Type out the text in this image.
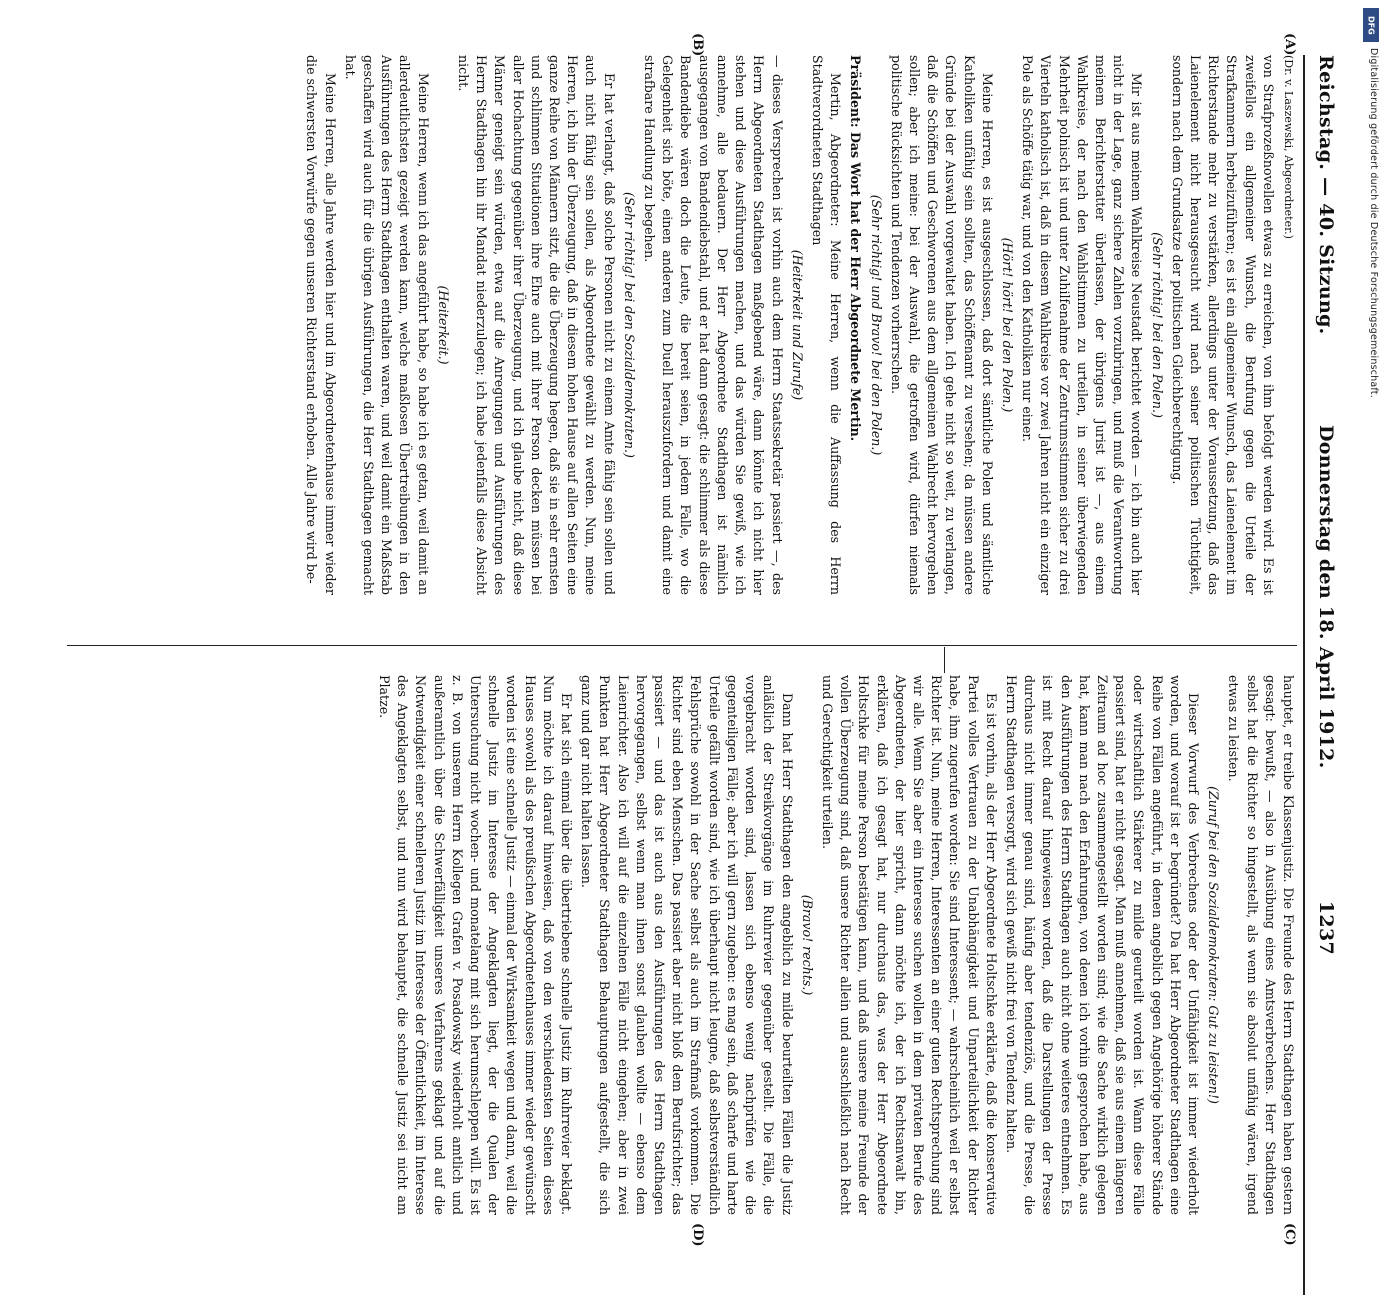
Reichstag. — 40. Sitzung.
Donnerstag den 18. April 1912.
1237
(A)
(B)
(C)
(D)

(Dr. v. Laszewski, Abgeordneter.)

von Strafprozeßnovellen etwas zu erreichen, von ihm befolgt werden wird. Es ist zweifellos ein allgemeiner Wunsch, die Berufung gegen die Urteile der Strafkammern herbeizuführen; es ist ein allgemeiner Wunsch, das Laienelement im Richterstande mehr zu verstärken, allerdings unter der Voraussetzung, daß das Laienelement nicht herausgesucht wird nach seiner politischen Tüchtigkeit, sondern nach dem Grundsatze der politischen Gleichberechtigung.

(Sehr richtig! bei den Polen.)

Mir ist aus meinem Wahlkreise Neustadt berichtet worden — ich bin auch hier nicht in der Lage, ganz sichere Zahlen vorzubringen, und muß die Verantwortung meinem Berichterstatter überlassen, der übrigens Jurist ist —, aus einem Wahlkreise, der nach den Wahlstimmen zu urteilen, in seiner überwiegenden Mehrheit polnisch ist und unter Zuhilfenahme der Zentrumsstimmen sicher zu drei Vierteln katholisch ist, daß in diesem Wahlkreise vor zwei Jahren nicht ein einziger Pole als Schöffe tätig war, und von den Katholiken nur einer.

(Hört! hört! bei den Polen.)

Meine Herren, es ist ausgeschlossen, daß dort sämtliche Polen und sämtliche Katholiken unfähig sein sollten, das Schöffenamt zu versehen; da müssen andere Gründe bei der Auswahl vorgewaltet haben. Ich gehe nicht so weit, zu verlangen, daß die Schöffen und Geschworenen aus dem allgemeinen Wahlrecht hervorgehen sollen; aber ich meine: bei der Auswahl, die getroffen wird, dürfen niemals politische Rücksichten und Tendenzen vorherrschen.

(Sehr richtig! und Bravo! bei den Polen.)

Präsident: Das Wort hat der Herr Abgeordnete Mertin.

Mertin, Abgeordneter: Meine Herren, wenn die Auffassung des Herrn Stadtverordneten Stadthagen

(Heiterkeit und Zurufe)

— dieses Versprechen ist vorhin auch dem Herrn Staatssekretär passiert —, des Herrn Abgeordneten Stadthagen maßgebend wäre, dann könnte ich nicht hier stehen und diese Ausführungen machen, und das würden Sie gewiß, wie ich annehme, alle bedauern. Der Herr Abgeordnete Stadthagen ist nämlich ausgegangen von Bandendiebstahl, und er hat dann gesagt: die schlimmer als diese Bandendiebe wären doch die Leute, die bereit seien, in jedem Falle, wo die Gelegenheit sich böte, einen anderen zum Duell herauszufordern und damit eine strafbare Handlung zu begehen.

(Sehr richtig! bei den Sozialdemokraten.)

Er hat verlangt, daß solche Personen nicht zu einem Amte fähig sein sollen und auch nicht fähig sein sollen, als Abgeordnete gewählt zu werden. Nun, meine Herren, ich bin der Überzeugung, daß in diesem hohen Hause auf allen Seiten eine ganze Reihe von Männern sitzt, die die Überzeugung hegen, daß sie in sehr ernsten und schlimmen Situationen ihre Ehre auch mit ihrer Person decken müssen bei aller Hochachtung gegenüber ihrer Überzeugung, und ich glaube nicht, daß diese Männer geneigt sein würden, etwa auf die Anregungen und Ausführungen des Herrn Stadthagen hin ihr Mandat niederzulegen; ich habe jedenfalls diese Absicht nicht.

(Heiterkeit.)

Meine Herren, wenn ich das angeführt habe, so habe ich es getan, weil damit an allerdeutlichsten gezeigt werden kann, welche maßlosen Übertreibungen in den Ausführungen des Herrn Stadthagen enthalten waren, und weil damit ein Maßstab geschaffen wird auch für die übrigen Ausführungen, die Herr Stadthagen gemacht hat.

Meine Herren, alle Jahre werden hier und im Abgeordnetenhause immer wieder die schwersten Vorwürfe gegen unseren Richterstand erhoben. Alle Jahre wird be-

hauptet, er treibe Klassenjustiz. Die Freunde des Herrn Stadthagen haben gestern gesagt: bewußt, — also in Ausübung eines Amtsverbrechens. Herr Stadthagen selbst hat die Richter so hingestellt, als wenn sie absolut unfähig wären, irgend etwas zu leisten.

(Zuruf bei den Sozialdemokraten: Gut zu leisten!)

Dieser Vorwurf des Verbrechens oder der Unfähigkeit ist immer wiederholt worden, und worauf ist er begründet? Da hat Herr Abgeordneter Stadthagen eine Reihe von Fällen angeführt, in denen angeblich gegen Angehörige höherer Stände oder wirtschaftlich Stärkerer zu milde geurteilt worden ist. Wann diese Fälle passiert sind, hat er nicht gesagt. Man muß annehmen, daß sie aus einem längeren Zeitraum ad hoc zusammengestellt worden sind; wie die Sache wirklich gelegen hat, kann man nach den Erfahrungen, von denen ich vorhin gesprochen habe, aus den Ausführungen des Herrn Stadthagen auch nicht ohne weiteres entnehmen. Es ist mit Recht darauf hingewiesen worden, daß die Darstellungen der Presse durchaus nicht immer genau sind, häufig aber tendenziös, und die Presse, die Herrn Stadthagen versorgt, wird sich gewiß nicht frei von Tendenz halten.

Es ist vorhin, als der Herr Abgeordnete Holtschke erklärte, daß die konservative Partei volles Vertrauen zu der Unabhängigkeit und Unparteilichkeit der Richter habe, ihm zugerufen worden: Sie sind Interessent; — wahrscheinlich weil er selbst Richter ist. Nun, meine Herren, Interessenten an einer guten Rechtsprechung sind wir alle. Wenn Sie aber ein Interesse suchen wollen in dem privaten Berufe des Abgeordneten, der hier spricht, dann möchte ich, der ich Rechtsanwalt bin, erklären, daß ich gesagt hat, nur durchaus das, was der Herr Abgeordnete Holtschke für meine Person bestätigen kann, und daß unsere meine Freunde der vollen Überzeugung sind, daß unsere Richter allein und ausschließlich nach Recht und Gerechtigkeit urteilen.

(Bravo! rechts.)

Dann hat Herr Stadthagen den angeblich zu milde beurteilten Fällen die Justiz anläßlich der Streikvorgänge im Ruhrrevier gegenüber gestellt. Die Fälle, die vorgebracht worden sind, lassen sich ebenso wenig nachprüfen wie die gegenteiligen Fälle; aber ich will gern zugeben: es mag sein, daß scharfe und harte Urteile gefällt worden sind, wie ich überhaupt nicht leugne, daß selbstverständlich Fehlsprüche sowohl in der Sache selbst als auch im Strafmaß vorkommen. Die Richter sind eben Menschen. Das passiert aber nicht bloß dem Berufsrichter; das passiert — und das ist auch aus den Ausführungen des Herrn Stadthagen hervorgegangen, selbst wenn man ihnen sonst glauben wollte — ebenso dem Laienrichter. Also ich will auf die einzelnen Fälle nicht eingehen; aber in zwei Punkten hat Herr Abgeordneter Stadthagen Behauptungen aufgestellt, die sich ganz und gar nicht halten lassen.

Er hat sich einmal über die übertriebene schnelle Justiz im Ruhrrevier beklagt. Nun möchte ich darauf hinweisen, daß von den verschiedensten Seiten dieses Hauses sowohl als des preußischen Abgeordnetenhauses immer wieder gewünscht worden ist eine schnelle Justiz — einmal der Wirksamkeit wegen und dann, weil die schnelle Justiz im Interesse der Angeklagten liegt, der die Qualen der Untersuchung nicht wochen- und monatelang mit sich herumschleppen will. Es ist z. B. von unserem Herrn Kollegen Grafen v. Posadowsky wiederholt amtlich und außeramtlich über die Schwerfälligkeit unseres Verfahrens geklagt und auf die Notwendigkeit einer schnelleren Justiz im Interesse der Öffentlichkeit, im Interesse des Angeklagten selbst, und nun wird behauptet, die schnelle Justiz sei nicht am Platze.

DFG
Digitalisierung gefördert durch die Deutsche Forschungsgemeinschaft.
